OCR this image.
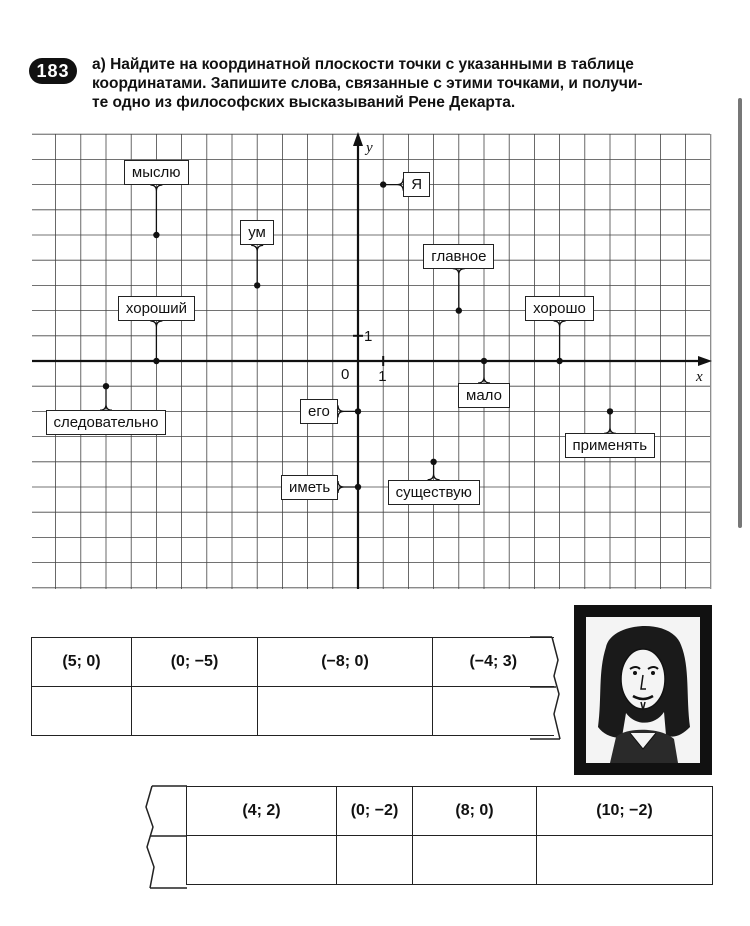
183	а) Найдите на координатной плоскости точки с указанными в таблице

координатами. Запишите слова, связанные с этими точками, и получи-

те одно из философских высказываний Рене Декарта.

y
x
0 1
1
Я
мыслю
ум
главное
хороший	хорошо
мало
следовательно
его
применять
иметь	существую
(5; 0)	(0; −5)	(−8; 0)	(−4; 3)

(4; 2)	(0; −2)	(8; 0)	(10; −2)
